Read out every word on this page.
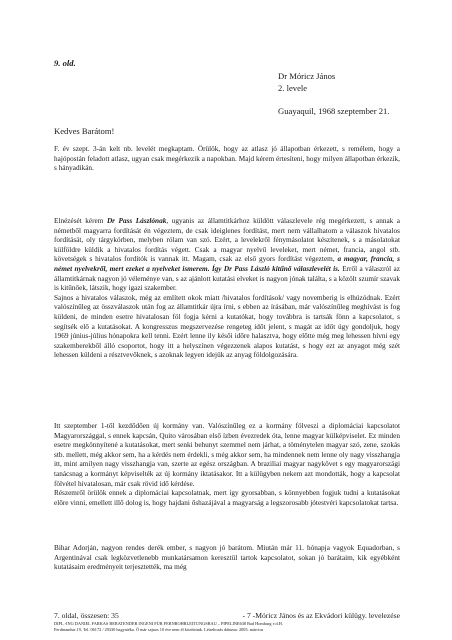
9. old.
Dr Móricz János
2. levele
Guayaquil, 1968 szeptember 21.
Kedves Barátom!

F. év szept. 3-án kelt nb. levelét megkaptam. Örülök, hogy az atlasz jó állapotban érkezett, s remélem, hogy a hajópostán feladott atlasz, ugyan csak megérkezik a napokban. Majd kérem értesíteni, hogy milyen állapotban érkezik, s hányadikán.

Elnézését kérem Dr Pass Lászlónak, ugyanis az államtitkárhoz küldött válaszlevele rég megérkezett, s annak a németből magyarra fordítását én végeztem, de csak ideiglenes fordítást, mert nem vállalhatom a válaszok hivatalos fordítását, oly tárgykörben, melyben rólam van szó. Ezért, a levelekről fénymásolatot készítenek, s a másolatokat külföldre küldik a hivatalos fordítás végett. Csak a magyar nyelvű leveleket, mert német, francia, angol stb. követségek s hivatalos fordítók is vannak itt. Magam, csak az első gyors fordítást végeztem, a magyar, francia, s német nyelvekről, mert ezeket a nyelveket ismerem. Így Dr Pass László kitűnő válaszlevelét is. Erről a válaszról az államtitkárnak nagyon jó véleménye van, s az ajánlott kutatási elveket is nagyon jónak találta, s a közölt szumír szavak is kitűnőek, látszik, hogy igazi szakember.
Sajnos a hivatalos válaszok, még az említett okok miatt /hivatalos fordítások/ vagy novemberig is elhúzódnak. Ezért valószínűleg az összválaszok után fog az államtitkár újra írni, s ebben az írásában, már valószínűleg meghívást is fog küldeni, de minden esetre hivatalosan föl fogja kérni a kutatókat, hogy továbbra is tartsák fönn a kapcsolatot, s segítsék elő a kutatásokat. A kongresszus megszervezése rengeteg időt jelent, s magát az időt úgy gondoljuk, hogy 1969 június-július hónapokra kell tenni. Ezért lenne ily késői időre halasztva, hogy előtte még meg lehessen hívni egy szakemberekből álló csoportot, hogy itt a helyszínen végezzenek alapos kutatást, s hogy ezt az anyagot még szét lehessen küldeni a résztvevőknek, s azoknak legyen idejük az anyag földolgozására.

Itt szeptember 1-től kezdődően új kormány van. Valószínűleg ez a kormány fölveszi a diplomáciai kapcsolatot Magyarországgal, s ennek kapcsán, Quito városában első ízben évezredek óta, lenne magyar külképviselet. Ez minden esetre megkönnyítené a kutatásokat, mert senki behunyt szemmel nem járhat, a töménytelen magyar szó, zene, szokás stb. mellett, még akkor sem, ha a kérdés nem érdekli, s még akkor sem, ha mindennek nem lenne oly nagy visszhangja itt, mint amilyen nagy visszhangja van, szerte az egész országban. A braziliai magyar nagykövet s egy magyarországi tanácsnag a kormányt képviselték az új kormány iktatásakor. Itt a külügyben nekem azt mondották, hogy a kapcsolat fölvétel hivatalosan, már csak rövid idő kérdése.
Részemről örülök ennek a diplomáciai kapcsolatnak, mert így gyorsabban, s könnyebben fogjuk tudni a kutatásokat előre vinni, emellett illő dolog is, hogy hajdani őshazájával a magyarság a legszorosabb jótestvéri kapcsolatokat tartsa.

Bihar Adorján, nagyon rendes derék ember, s nagyon jó barátom. Miután már 11. hónapja vagyok Equadorban, s Argentinával csak legközvetlenebb munkatársamon keresztül tartok kapcsolatot, sokan jó barátaim, kik egyébként kutatásaim eredményeit terjesztették, ma még

7. oldal, összesen: 35	- 7 -Móricz János és az Ekvádori külügy. levelezése
DIPL.-ING DANIEL FARKAS BERATENDER INGENI FÜR FERNROHRLEITUNGSBAU – PIPELINE638 Bad Homburg v.d.H.
Ferdinandstr.19, Tel. 06172 / 29330 hagyatéka. Ó már sajnos 10 éve nem él közöttünk. Létrehozás dátuma: 2003. március
